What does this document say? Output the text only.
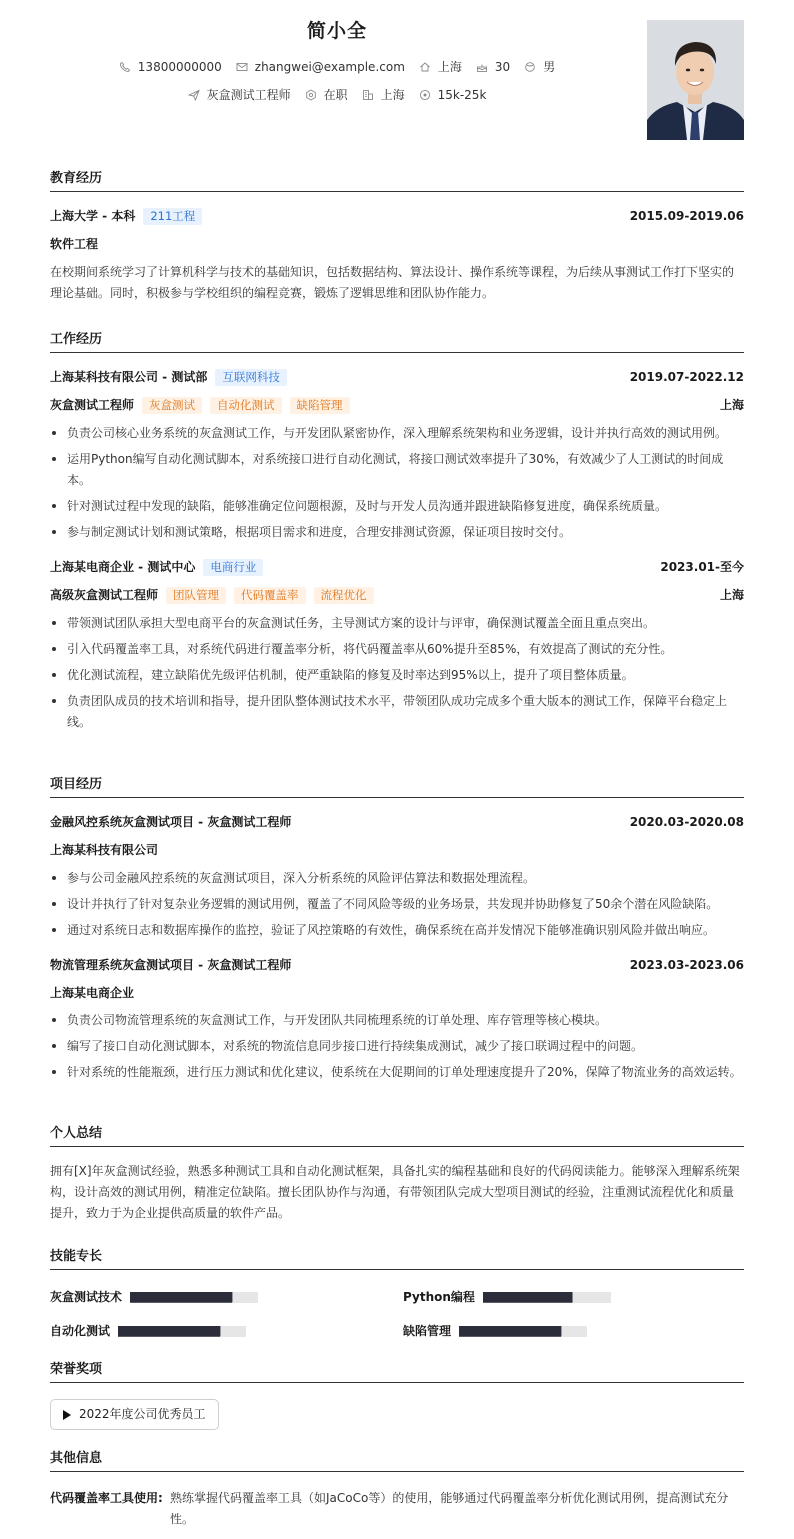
简小全
13800000000	zhangwei@example.com	上海	30	男
灰盒测试工程师	在职	上海	15k-25k
教育经历
上海大学 - 本科 211工程	2015.09-2019.06
软件工程
在校期间系统学习了计算机科学与技术的基础知识，包括数据结构、算法设计、操作系统等课程，为后续从事测试工作打下坚实的理论基础。同时，积极参与学校组织的编程竞赛，锻炼了逻辑思维和团队协作能力。
工作经历
上海某科技有限公司 - 测试部 互联网科技	2019.07-2022.12
灰盒测试工程师 灰盒测试 自动化测试 缺陷管理	上海
负责公司核心业务系统的灰盒测试工作，与开发团队紧密协作，深入理解系统架构和业务逻辑，设计并执行高效的测试用例。
运用Python编写自动化测试脚本，对系统接口进行自动化测试，将接口测试效率提升了30%，有效减少了人工测试的时间成本。
针对测试过程中发现的缺陷，能够准确定位问题根源，及时与开发人员沟通并跟进缺陷修复进度，确保系统质量。
参与制定测试计划和测试策略，根据项目需求和进度，合理安排测试资源，保证项目按时交付。
上海某电商企业 - 测试中心 电商行业	2023.01-至今
高级灰盒测试工程师 团队管理 代码覆盖率 流程优化	上海
带领测试团队承担大型电商平台的灰盒测试任务，主导测试方案的设计与评审，确保测试覆盖全面且重点突出。
引入代码覆盖率工具，对系统代码进行覆盖率分析，将代码覆盖率从60%提升至85%，有效提高了测试的充分性。
优化测试流程，建立缺陷优先级评估机制，使严重缺陷的修复及时率达到95%以上，提升了项目整体质量。
负责团队成员的技术培训和指导，提升团队整体测试技术水平，带领团队成功完成多个重大版本的测试工作，保障平台稳定上线。
项目经历
金融风控系统灰盒测试项目 - 灰盒测试工程师	2020.03-2020.08
上海某科技有限公司
参与公司金融风控系统的灰盒测试项目，深入分析系统的风险评估算法和数据处理流程。
设计并执行了针对复杂业务逻辑的测试用例，覆盖了不同风险等级的业务场景，共发现并协助修复了50余个潜在风险缺陷。
通过对系统日志和数据库操作的监控，验证了风控策略的有效性，确保系统在高并发情况下能够准确识别风险并做出响应。
物流管理系统灰盒测试项目 - 灰盒测试工程师	2023.03-2023.06
上海某电商企业
负责公司物流管理系统的灰盒测试工作，与开发团队共同梳理系统的订单处理、库存管理等核心模块。
编写了接口自动化测试脚本，对系统的物流信息同步接口进行持续集成测试，减少了接口联调过程中的问题。
针对系统的性能瓶颈，进行压力测试和优化建议，使系统在大促期间的订单处理速度提升了20%，保障了物流业务的高效运转。
个人总结
拥有[X]年灰盒测试经验，熟悉多种测试工具和自动化测试框架，具备扎实的编程基础和良好的代码阅读能力。能够深入理解系统架构，设计高效的测试用例，精准定位缺陷。擅长团队协作与沟通，有带领团队完成大型项目测试的经验，注重测试流程优化和质量提升，致力于为企业提供高质量的软件产品。
技能专长
灰盒测试技术	Python编程
自动化测试	缺陷管理
荣誉奖项
2022年度公司优秀员工
其他信息
代码覆盖率工具使用: 熟练掌握代码覆盖率工具（如JaCoCo等）的使用，能够通过代码覆盖率分析优化测试用例，提高测试充分性。
